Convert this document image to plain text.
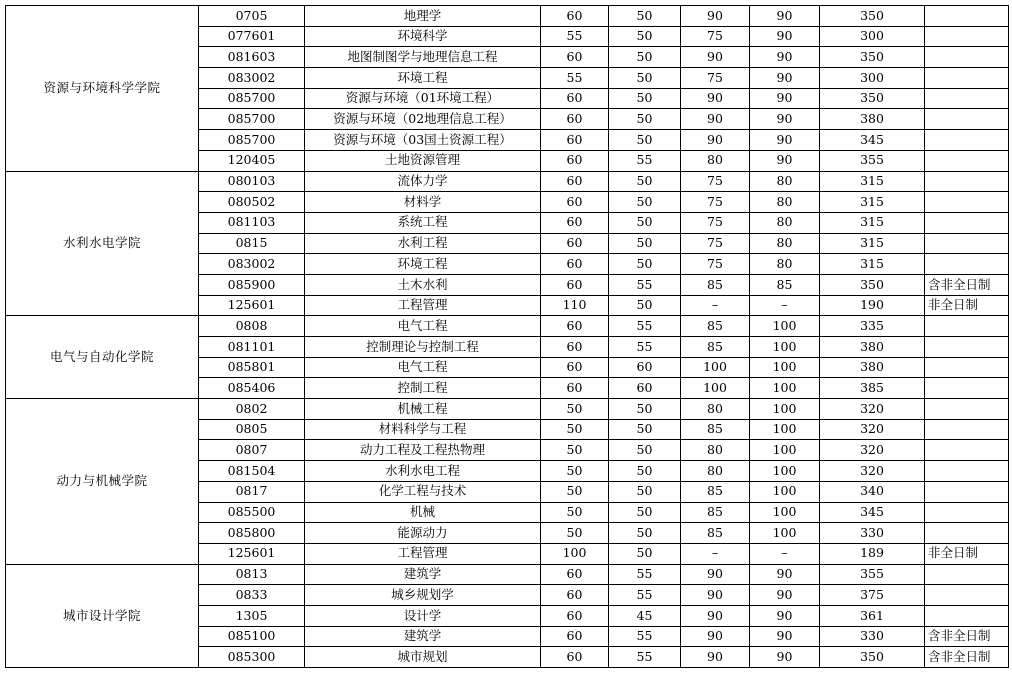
资源与环境科学学院	0705	地理学	60	50	90	90	350	
	077601	环境科学	55	50	75	90	300	
	081603	地图制图学与地理信息工程	60	50	90	90	350	
	083002	环境工程	55	50	75	90	300	
	085700	资源与环境（01环境工程）	60	50	90	90	350	
	085700	资源与环境（02地理信息工程）	60	50	90	90	380	
	085700	资源与环境（03国土资源工程）	60	50	90	90	345	
	120405	土地资源管理	60	55	80	90	355	
水利水电学院	080103	流体力学	60	50	75	80	315	
	080502	材料学	60	50	75	80	315	
	081103	系统工程	60	50	75	80	315	
	0815	水利工程	60	50	75	80	315	
	083002	环境工程	60	50	75	80	315	
	085900	土木水利	60	55	85	85	350	含非全日制
	125601	工程管理	110	50	–	–	190	非全日制
电气与自动化学院	0808	电气工程	60	55	85	100	335	
	081101	控制理论与控制工程	60	55	85	100	380	
	085801	电气工程	60	60	100	100	380	
	085406	控制工程	60	60	100	100	385	
动力与机械学院	0802	机械工程	50	50	80	100	320	
	0805	材料科学与工程	50	50	85	100	320	
	0807	动力工程及工程热物理	50	50	80	100	320	
	081504	水利水电工程	50	50	80	100	320	
	0817	化学工程与技术	50	50	85	100	340	
	085500	机械	50	50	85	100	345	
	085800	能源动力	50	50	85	100	330	
	125601	工程管理	100	50	–	–	189	非全日制
城市设计学院	0813	建筑学	60	55	90	90	355	
	0833	城乡规划学	60	55	90	90	375	
	1305	设计学	60	45	90	90	361	
	085100	建筑学	60	55	90	90	330	含非全日制
	085300	城市规划	60	55	90	90	350	含非全日制
